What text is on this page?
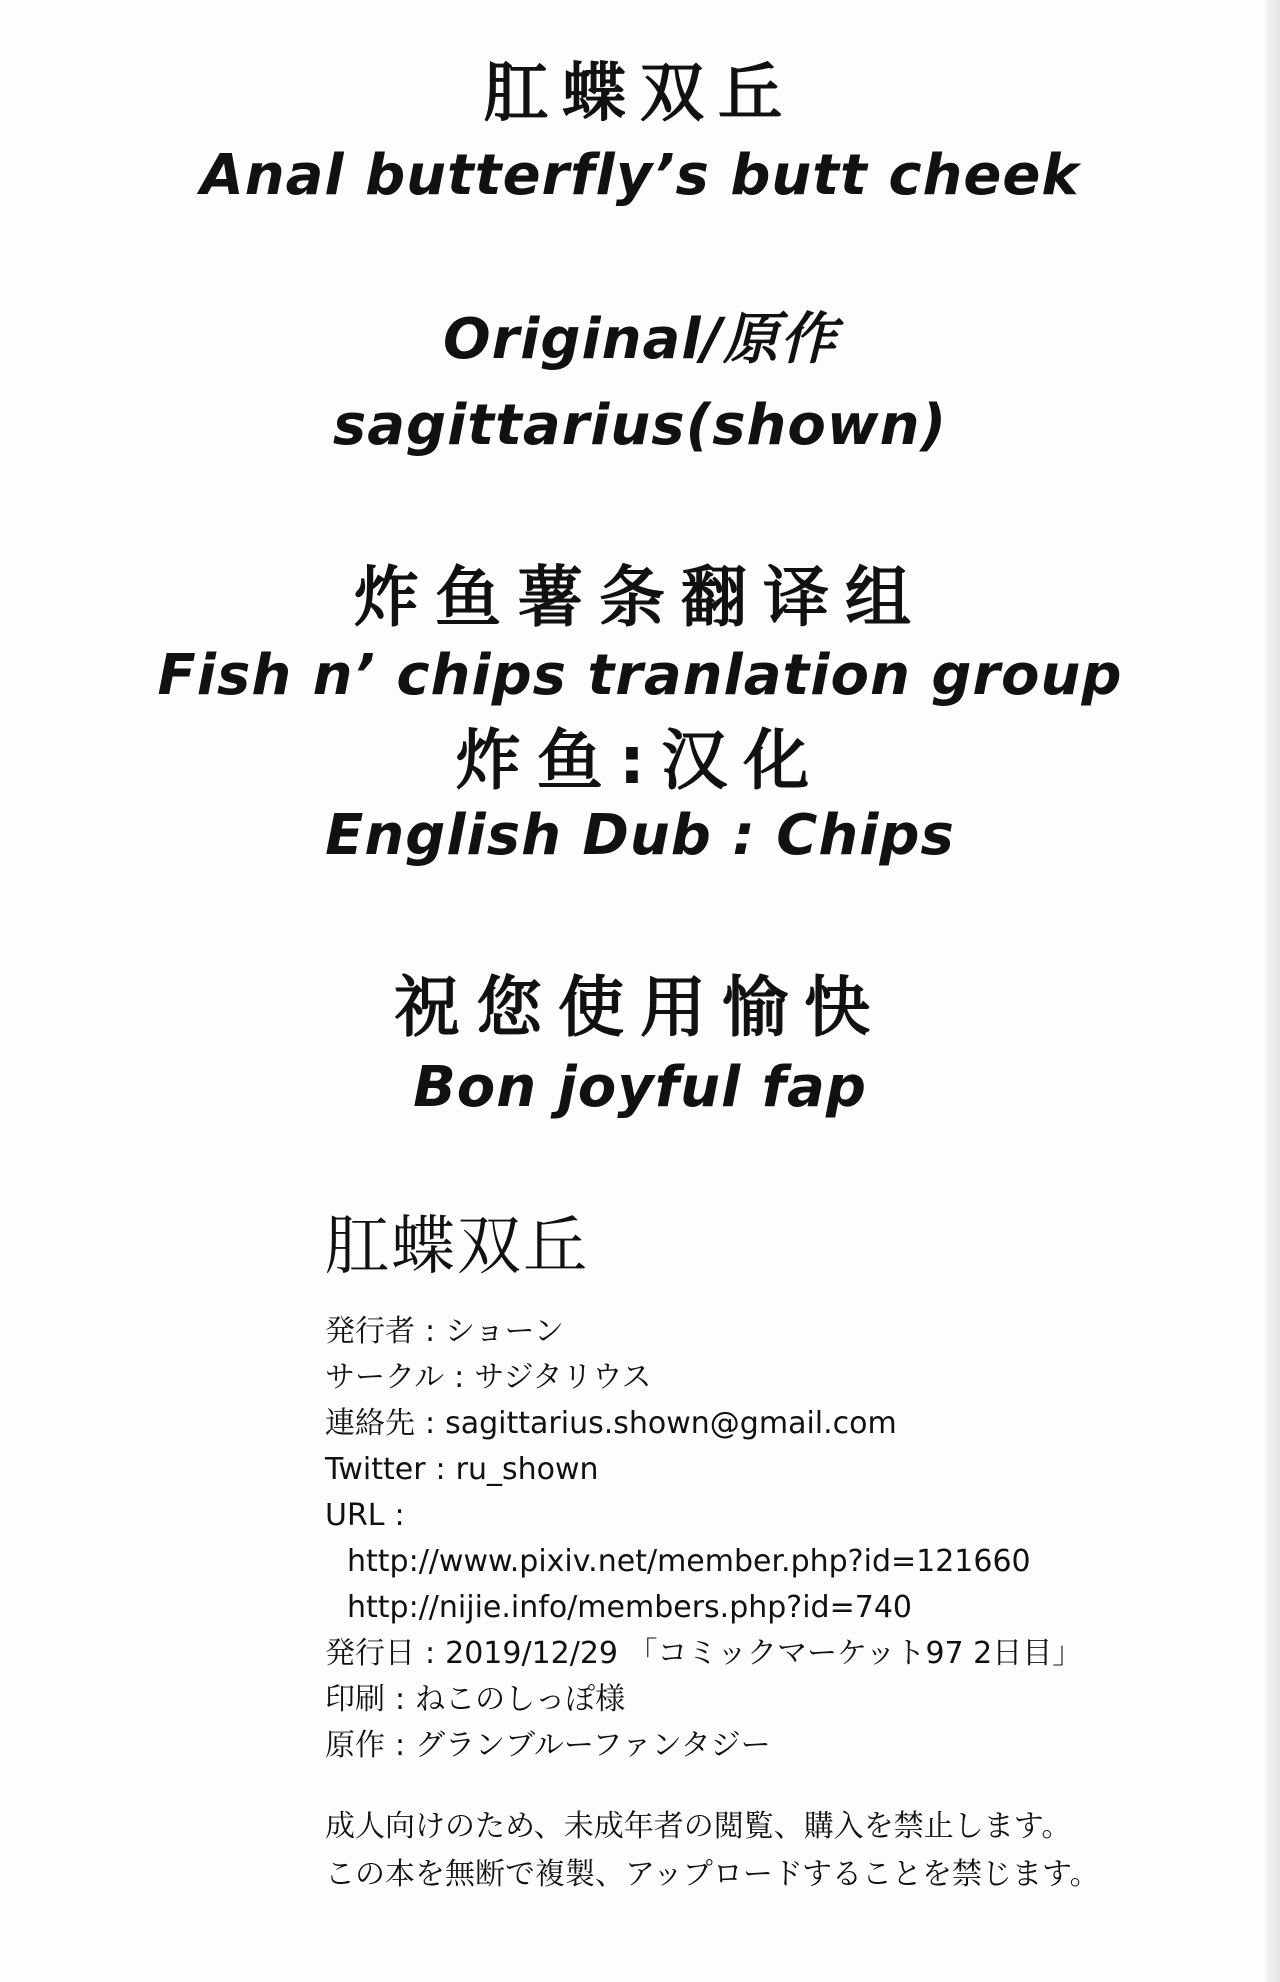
肛蝶双丘
Anal butterfly’s butt cheek
Original/原作
sagittarius(shown)
炸鱼薯条翻译组
Fish n’ chips tranlation group
炸鱼:汉化
English Dub : Chips
祝您使用愉快
Bon joyful fap
肛蝶双丘
発行者 : ショーン
サークル : サジタリウス
連絡先 : sagittarius.shown@gmail.com
Twitter : ru_shown
URL :
http://www.pixiv.net/member.php?id=121660
http://nijie.info/members.php?id=740
発行日 : 2019/12/29 「コミックマーケット97 2日目」
印刷 : ねこのしっぽ様
原作 : グランブルーファンタジー
成人向けのため、未成年者の閲覧、購入を禁止します。
この本を無断で複製、アップロードすることを禁じます。
